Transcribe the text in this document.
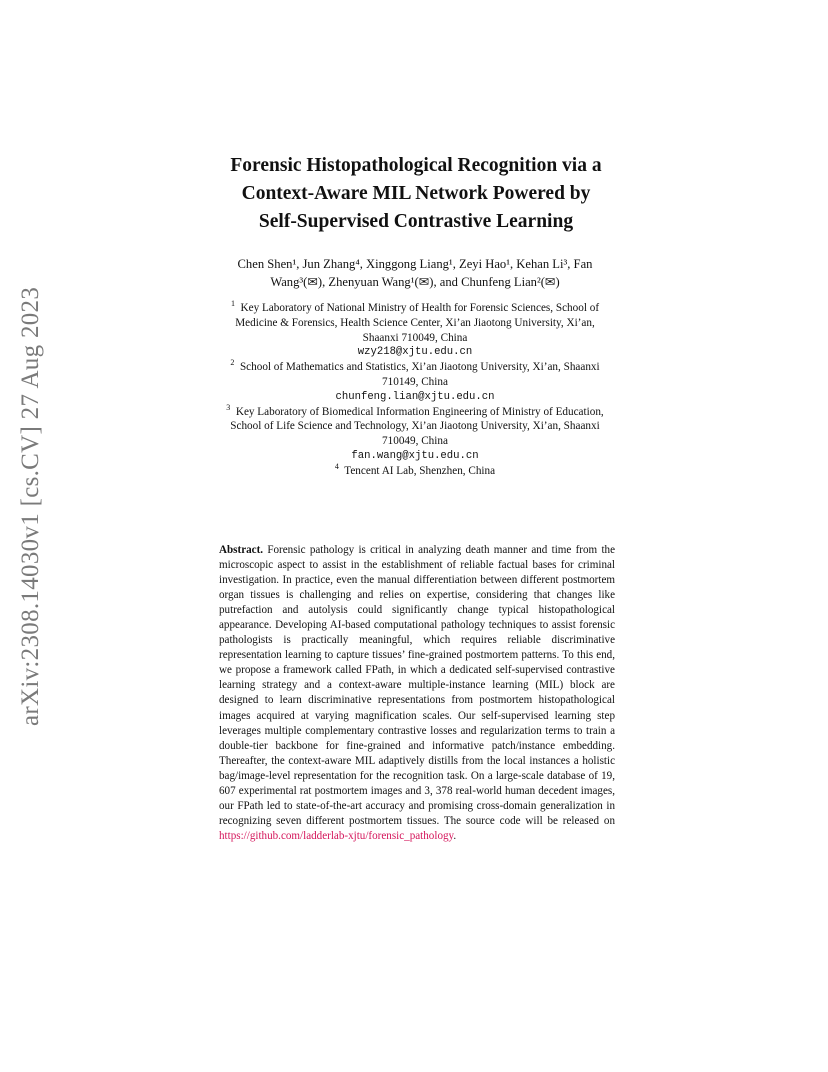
arXiv:2308.14030v1 [cs.CV] 27 Aug 2023
Forensic Histopathological Recognition via a
Context-Aware MIL Network Powered by
Self-Supervised Contrastive Learning
Chen Shen¹, Jun Zhang⁴, Xinggong Liang¹, Zeyi Hao¹, Kehan Li³, Fan
Wang³(✉), Zhenyuan Wang¹(✉), and Chunfeng Lian²(✉)
$^1$ Key Laboratory of National Ministry of Health for Forensic Sciences, School of
Medicine & Forensics, Health Science Center, Xi’an Jiaotong University, Xi’an,
Shaanxi 710049, China
wzy218@xjtu.edu.cn
$^2$ School of Mathematics and Statistics, Xi’an Jiaotong University, Xi’an, Shaanxi
710149, China
chunfeng.lian@xjtu.edu.cn
$^3$ Key Laboratory of Biomedical Information Engineering of Ministry of Education,
School of Life Science and Technology, Xi’an Jiaotong University, Xi’an, Shaanxi
710049, China
fan.wang@xjtu.edu.cn
$^4$ Tencent AI Lab, Shenzhen, China
Abstract. Forensic pathology is critical in analyzing death manner and time from the microscopic aspect to assist in the establishment of reliable factual bases for criminal investigation. In practice, even the manual differentiation between different postmortem organ tissues is challenging and relies on expertise, considering that changes like putrefaction and autolysis could significantly change typical histopathological appearance. Developing AI-based computational pathology techniques to assist forensic pathologists is practically meaningful, which requires reliable discriminative representation learning to capture tissues’ fine-grained postmortem patterns. To this end, we propose a framework called FPath, in which a dedicated self-supervised contrastive learning strategy and a context-aware multiple-instance learning (MIL) block are designed to learn discriminative representations from postmortem histopathological images acquired at varying magnification scales. Our self-supervised learning step leverages multiple complementary contrastive losses and regularization terms to train a double-tier backbone for fine-grained and informative patch/instance embedding. Thereafter, the context-aware MIL adaptively distills from the local instances a holistic bag/image-level representation for the recognition task. On a large-scale database of 19, 607 experimental rat postmortem images and 3, 378 real-world human decedent images, our FPath led to state-of-the-art accuracy and promising cross-domain generalization in recognizing seven different postmortem tissues. The source code will be released on https://github.com/ladderlab-xjtu/forensic_pathology.
